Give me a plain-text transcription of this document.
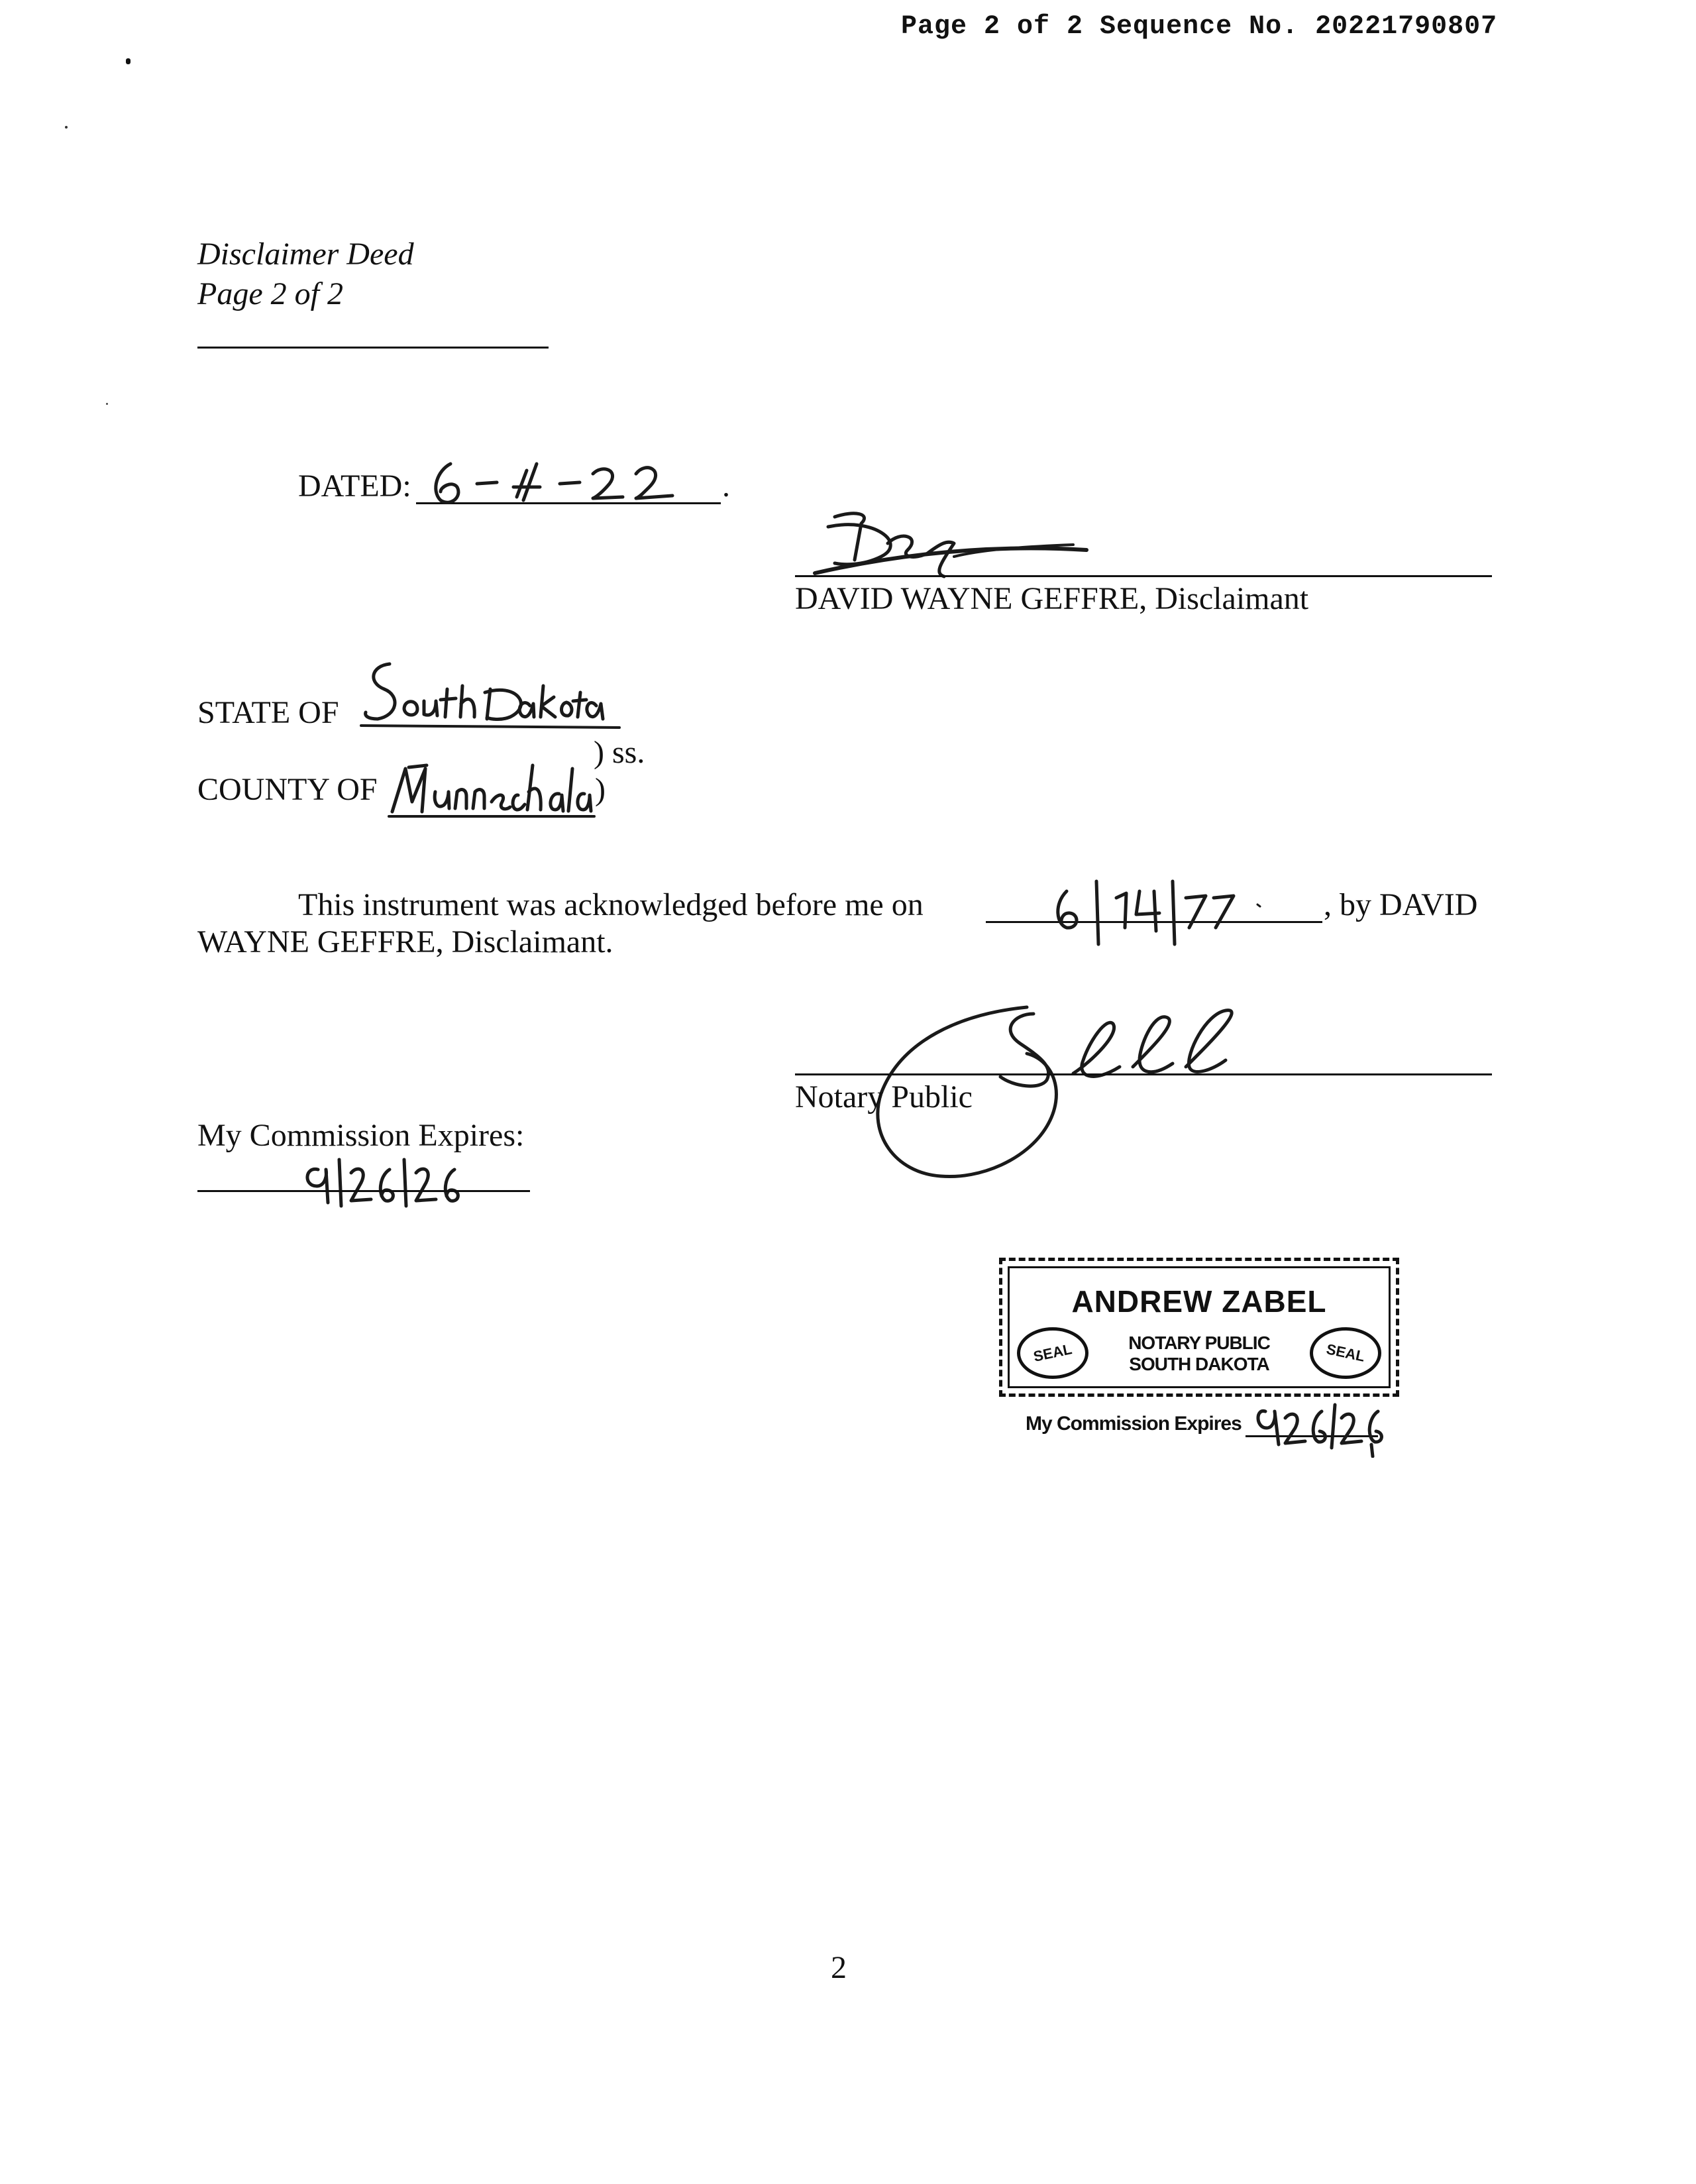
Page 2 of 2 Sequence No. 20221790807
Disclaimer Deed
Page 2 of 2
DATED:	.
DAVID WAYNE GEFFRE, Disclaimant
STATE OF
) ss.
COUNTY OF	)
This instrument was acknowledged before me on	, by DAVID
WAYNE GEFFRE, Disclaimant.
Notary Public
My Commission Expires:
ANDREW ZABEL
SEAL	NOTARY PUBLIC
SOUTH DAKOTA	SEAL
My Commission Expires
2
